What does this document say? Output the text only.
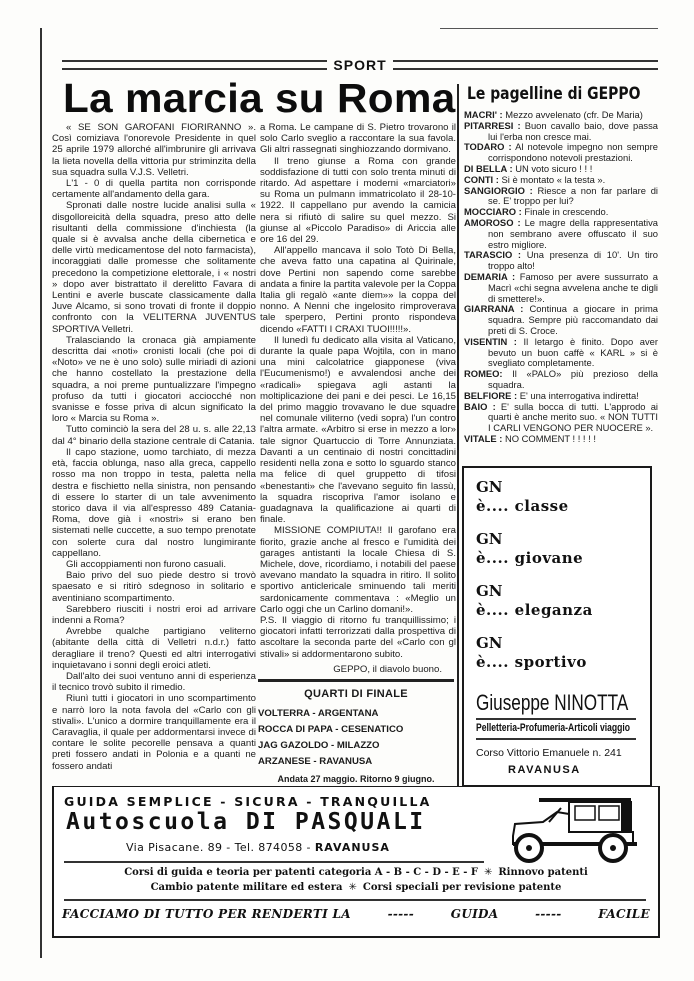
SPORT
La marcia su Roma

« SE SON GAROFANI FIORIRANNO ». Così comiziava l'onorevole Presidente in quel 25 aprile 1979 allorché all'imbrunire gli arrivava la lieta novella della vittoria pur striminzita della sua squadra sulla V.J.S. Velletri.

L'1 - 0 di quella partita non corrisponde certamente all'andamento della gara.

Spronati dalle nostre lucide analisi sulla « disgolloreicità della squadra, preso atto delle risultanti della commissione d'inchiesta (la quale si è avvalsa anche della cibernetica e delle virtù medicamentose del noto farmacista), incoraggiati dalle promesse che solitamente precedono la competizione elettorale, i « nostri » dopo aver bistrattato il derelitto Favara di Lentini e averle buscate classicamente dalla Juve Alcamo, si sono trovati di fronte il doppio confronto con la VELITERNA JUVENTUS SPORTIVA Velletri.

Tralasciando la cronaca già ampiamente descritta dai «noti» cronisti locali (che poi di «Noto» ve ne è uno solo) sulle miriadi di azioni che hanno costellato la prestazione della squadra, a noi preme puntualizzare l'impegno profuso da tutti i giocatori acciocché non svanisse e fosse priva di alcun significato la loro « Marcia su Roma ».

Tutto cominciò la sera del 28 u. s. alle 22,13 dal 4° binario della stazione centrale di Catania.

Il capo stazione, uomo tarchiato, di mezza età, faccia oblunga, naso alla greca, cappello rosso ma non troppo in testa, paletta nella destra e fischietto nella sinistra, non pensando di essere lo starter di un tale avvenimento storico dava il via all'espresso 489 Catania-Roma, dove già i «nostri» si erano ben sistemati nelle cuccette, a suo tempo prenotate con solerte cura dal nostro lungimirante cappellano.

Gli accoppiamenti non furono casuali.

Baio privo del suo piede destro si trovò spaesato e si ritirò sdegnoso in solitario e aventiniano scompartimento.

Sarebbero riusciti i nostri eroi ad arrivare indenni a Roma?

Avrebbe qualche partigiano veliterno (abitante della città di Velletri n.d.r.) fatto deragliare il treno? Questi ed altri interrogativi inquietavano i sonni degli eroici atleti.

Dall'alto dei suoi ventuno anni di esperienza il tecnico trovò subito il rimedio.

Riunì tutti i giocatori in uno scompartimento e narrò loro la nota favola del «Carlo con gli stivali». L'unico a dormire tranquillamente era il Caravaglia, il quale per addormentarsi invece di contare le solite pecorelle pensava a quanti preti fossero andati in Polonia e a quanti ne fossero andati

a Roma. Le campane di S. Pietro trovarono il solo Carlo sveglio a raccontare la sua favola. Gli altri rassegnati singhiozzando dormivano.

Il treno giunse a Roma con grande soddisfazione di tutti con solo trenta minuti di ritardo. Ad aspettare i moderni «marciatori» su Roma un pulmann immatricolato il 28-10-1922. Il cappellano pur avendo la camicia nera si rifiutò di salire su quel mezzo. Si giunse al «Piccolo Paradiso» di Ariccia alle ore 16 del 29.

All'appello mancava il solo Totò Di Bella, che aveva fatto una capatina al Quirinale, dove Pertini non sapendo come sarebbe andata a finire la partita valevole per la Coppa Italia gli regalò «ante diem»» la coppa del nonno. A Nenni che ingelosito rimproverava tale sperpero, Pertini pronto rispondeva dicendo «FATTI I CRAXI TUOI!!!!!».

Il lunedì fu dedicato alla visita al Vaticano, durante la quale papa Wojtila, con in mano una mini calcolatrice giapponese (viva l'Eucumenismo!) e avvalendosi anche dei «radicali» spiegava agli astanti la moltiplicazione dei pani e dei pesci. Le 16,15 del primo maggio trovavano le due squadre nel comunale viliterno (vedi sopra) l'un contro l'altra armate. «Arbitro si erse in mezzo a lor» tale signor Quartuccio di Torre Annunziata. Davanti a un centinaio di nostri concittadini residenti nella zona e sotto lo sguardo stanco ma felice di quel gruppetto di tifosi «benestanti» che l'avevano seguito fin lassù, la squadra riscopriva l'amor isolano e guadagnava la qualificazione ai quarti di finale.

MISSIONE COMPIUTA!! Il garofano era fiorito, grazie anche al fresco e l'umidità dei garages antistanti la locale Chiesa di S. Michele, dove, ricordiamo, i notabili del paese avevano mandato la squadra in ritiro. Il solito sportivo anticlericale sminuendo tali meriti sardonicamente commentava : «Meglio un Carlo oggi che un Carlino domani!».

P.S. Il viaggio di ritorno fu tranquillissimo; i giocatori infatti terrorizzati dalla prospettiva di ascoltare la seconda parte del «Carlo con gl stivali» si addormentarono subito.

GEPPO, il diavolo buono.

QUARTI DI FINALE
VOLTERRA - ARGENTANA
ROCCA DI PAPA - CESENATICO
JAG GAZOLDO - MILAZZO
ARZANESE - RAVANUSA
Andata 27 maggio. Ritorno 9 giugno.
Le pagelline di GEPPO
MACRI' : Mezzo avvelenato (cfr. De Maria)
PITARRESI : Buon cavallo baio, dove passa lui l'erba non cresce mai.
TODARO : Al notevole impegno non sempre corrispondono notevoli prestazioni.
DI BELLA : UN voto sicuro ! ! !
CONTI : Si è montato « la testa ».
SANGIORGIO : Riesce a non far parlare di se. E' troppo per lui?
MOCCIARO : Finale in crescendo.
AMOROSO : Le magre della rappresentativa non sembrano avere offuscato il suo estro migliore.
TARASCIO : Una presenza di 10'. Un tiro troppo alto!
DEMARIA : Famoso per avere sussurrato a Macrì «chi segna avvelena anche te digli di smettere!».
GIARRANA : Continua a giocare in prima squadra. Sempre più raccomandato dai preti di S. Croce.
VISENTIN : Il letargo è finito. Dopo aver bevuto un buon caffè « KARL » si è svegliato completamente.
ROMEO: Il «PALO» più prezioso della squadra.
BELFIORE : E' una interrogativa indiretta!
BAIO : E' sulla bocca di tutti. L'approdo ai quarti è anche merito suo. « NON TUTTI I CARLI VENGONO PER NUOCERE ».
VITALE : NO COMMENT ! ! ! ! !
GN
è.... classe
GN
è.... giovane
GN
è.... eleganza
GN
è.... sportivo
Giuseppe NINOTTA
Pelletteria-Profumeria-Articoli viaggio
Corso Vittorio Emanuele n. 241
RAVANUSA
GUIDA SEMPLICE - SICURA - TRANQUILLA
Autoscuola DI PASQUALI
Via Pisacane. 89 - Tel. 874058 - RAVANUSA
Corsi di guida e teoria per patenti categoria A - B - C - D - E - F ✳ Rinnovo patenti
Cambio patente militare ed estera ✳ Corsi speciali per revisione patente
FACCIAMO DI TUTTO PER RENDERTI LA	-----	GUIDA	-----	FACILE
